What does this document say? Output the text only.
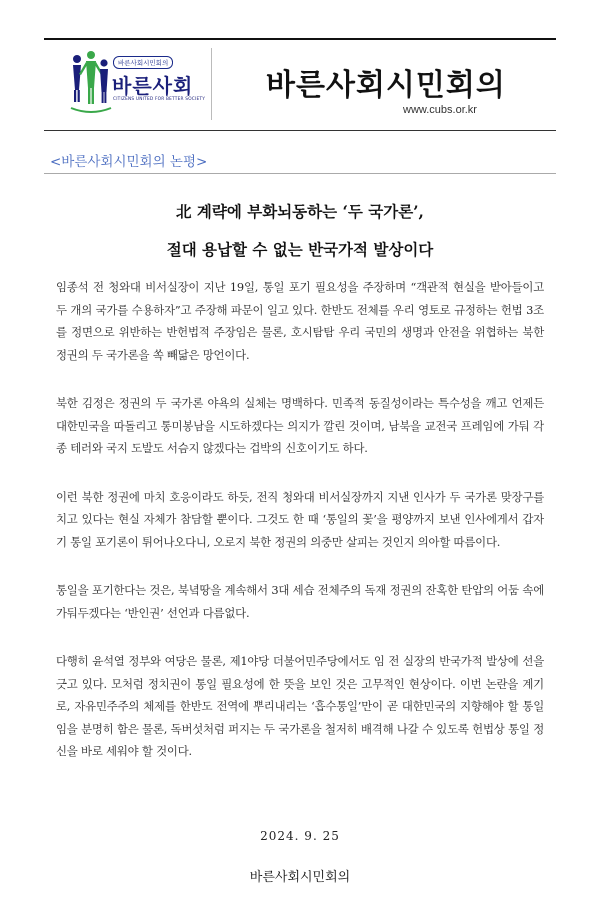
바른사회시민회의
바른사회
CITIZENS UNITED FOR BETTER SOCIETY 바른사회시민회의
www.cubs.or.kr
<바른사회시민회의 논평>
北 계략에 부화뇌동하는 ‘두 국가론’,
절대 용납할 수 없는 반국가적 발상이다

임종석 전 청와대 비서실장이 지난 19일, 통일 포기 필요성을 주장하며 “객관적 현실을 받아들이고 두 개의 국가를 수용하자”고 주장해 파문이 일고 있다. 한반도 전체를 우리 영토로 규정하는 헌법 3조를 정면으로 위반하는 반헌법적 주장임은 물론, 호시탐탐 우리 국민의 생명과 안전을 위협하는 북한 정권의 두 국가론을 쏙 빼닮은 망언이다.

북한 김정은 정권의 두 국가론 야욕의 실체는 명백하다. 민족적 동질성이라는 특수성을 깨고 언제든 대한민국을 따돌리고 통미봉남을 시도하겠다는 의지가 깔린 것이며, 남북을 교전국 프레임에 가둬 각종 테러와 국지 도발도 서슴지 않겠다는 겁박의 신호이기도 하다.

이런 북한 정권에 마치 호응이라도 하듯, 전직 청와대 비서실장까지 지낸 인사가 두 국가론 맞장구를 치고 있다는 현실 자체가 참담할 뿐이다. 그것도 한 때 ‘통일의 꽃’을 평양까지 보낸 인사에게서 갑자기 통일 포기론이 튀어나오다니, 오로지 북한 정권의 의중만 살피는 것인지 의아할 따름이다.

통일을 포기한다는 것은, 북녘땅을 계속해서 3대 세습 전체주의 독재 정권의 잔혹한 탄압의 어둠 속에 가둬두겠다는 ‘반인권’ 선언과 다름없다.

다행히 윤석열 정부와 여당은 물론, 제1야당 더불어민주당에서도 임 전 실장의 반국가적 발상에 선을 긋고 있다. 모처럼 정치권이 통일 필요성에 한 뜻을 보인 것은 고무적인 현상이다. 이번 논란을 계기로, 자유민주주의 체제를 한반도 전역에 뿌리내리는 ‘흡수통일’만이 곧 대한민국의 지향해야 할 통일임을 분명히 함은 물론, 독버섯처럼 퍼지는 두 국가론을 철저히 배격해 나갈 수 있도록 헌법상 통일 정신을 바로 세워야 할 것이다.

2024. 9. 25
바른사회시민회의
